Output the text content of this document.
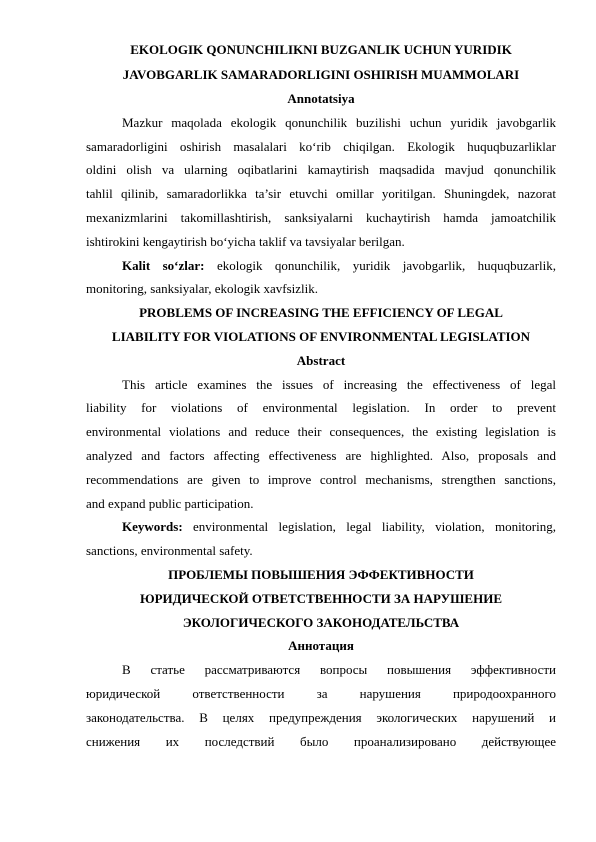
EKOLOGIK QONUNCHILIKNI BUZGANLIK UCHUN YURIDIK
JAVOBGARLIK SAMARADORLIGINI OSHIRISH MUAMMOLARI
Annotatsiya
Mazkur maqolada ekologik qonunchilik buzilishi uchun yuridik javobgarlik
samaradorligini oshirish masalalari ko‘rib chiqilgan. Ekologik huquqbuzarliklar
oldini olish va ularning oqibatlarini kamaytirish maqsadida mavjud qonunchilik
tahlil qilinib, samaradorlikka ta’sir etuvchi omillar yoritilgan. Shuningdek, nazorat
mexanizmlarini takomillashtirish, sanksiyalarni kuchaytirish hamda jamoatchilik
ishtirokini kengaytirish bo‘yicha taklif va tavsiyalar berilgan.
Kalit so‘zlar: ekologik qonunchilik, yuridik javobgarlik, huquqbuzarlik,
monitoring, sanksiyalar, ekologik xavfsizlik.
PROBLEMS OF INCREASING THE EFFICIENCY OF LEGAL
LIABILITY FOR VIOLATIONS OF ENVIRONMENTAL LEGISLATION
Abstract
This article examines the issues of increasing the effectiveness of legal
liability for violations of environmental legislation. In order to prevent
environmental violations and reduce their consequences, the existing legislation is
analyzed and factors affecting effectiveness are highlighted. Also, proposals and
recommendations are given to improve control mechanisms, strengthen sanctions,
and expand public participation.
Keywords: environmental legislation, legal liability, violation, monitoring,
sanctions, environmental safety.
ПРОБЛЕМЫ ПОВЫШЕНИЯ ЭФФЕКТИВНОСТИ
ЮРИДИЧЕСКОЙ ОТВЕТСТВЕННОСТИ ЗА НАРУШЕНИЕ
ЭКОЛОГИЧЕСКОГО ЗАКОНОДАТЕЛЬСТВА
Аннотация
В статье рассматриваются вопросы повышения эффективности
юридической ответственности за нарушения природоохранного
законодательства. В целях предупреждения экологических нарушений и
снижения их последствий было проанализировано действующее
